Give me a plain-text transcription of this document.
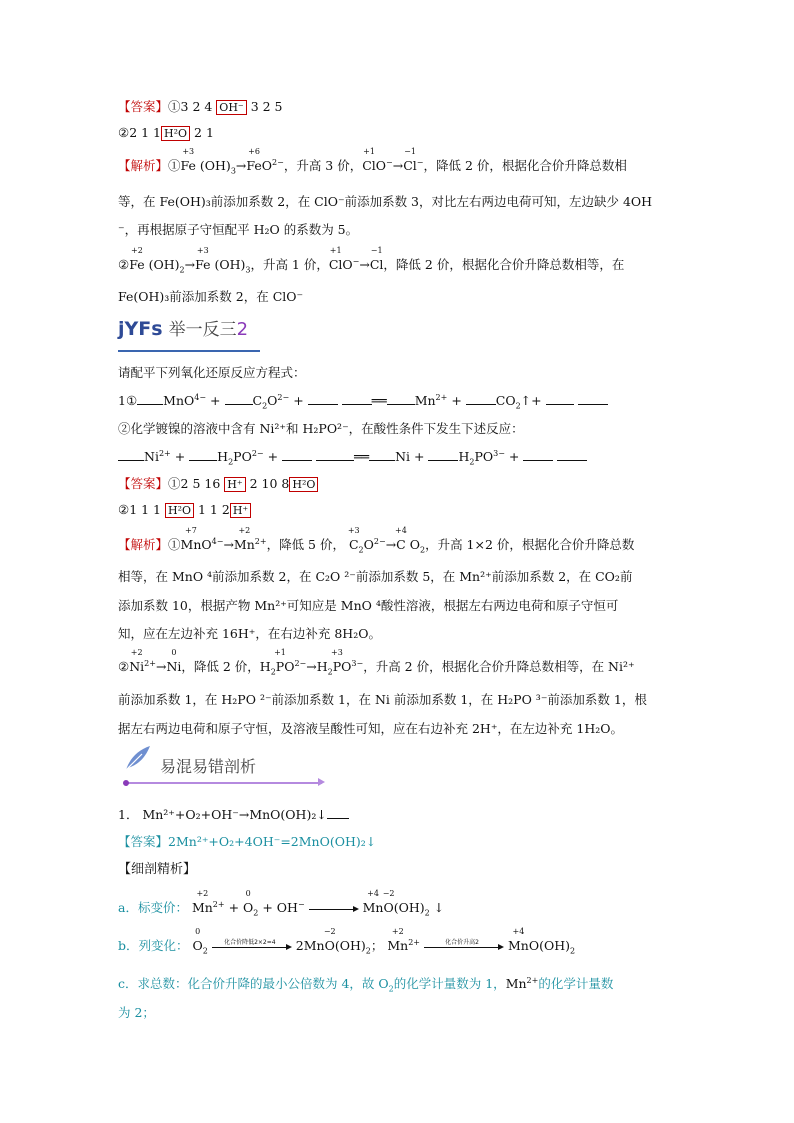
【答案】①3 2 4 OH⁻ 3 2 5
②2 1 1 H²O 2 1
【解析】①Fe
+3
$(OH)_3\to Fe$
+6
$O^{2-}$，升高 3 价，Cl
+1
O−→Cl
−1
−，降低 2 价，根据化合价升降总数相
等，在 Fe(OH)₃前添加系数 2，在 ClO⁻前添加系数 3，对比左右两边电荷可知，左边缺少 4OH
⁻，再根据原子守恒配平 H₂O 的系数为 5。
②Fe
+2
$(OH)_2\to Fe$
+3
$(OH)_3$，升高 1 价，Cl
+1
O−→Cl
−1
，降低 2 价，根据化合价升降总数相等，在
Fe(OH)₃前添加系数 2，在 ClO⁻
jYFs 举一反三2
请配平下列氧化还原反应方程式：
1① $MnO^{4-} + C_2O^{2-}$ +	══ $Mn^{2+}$ + $CO_2↑+$
②化学镀镍的溶液中含有 Ni²⁺和 H₂PO²⁻，在酸性条件下发生下述反应：
$Ni^{2+} + H_2PO^{2-}$ +	══ $Ni + H_2PO^{3-}$ +
【答案】①2 5 16 H⁺ 2 10 8 H²O
②1 1 1 H²O 1 1 2 H⁺
【解析】①Mn
+7
$O^{4-}\to Mn$
+2
$^{2+}$，降低 5 价， C
+3
$_2O^{2-}\to C$
+4
$O_2$，升高 1×2 价，根据化合价升降总数
相等，在 MnO ⁴前添加系数 2，在 C₂O ²⁻前添加系数 5，在 Mn²⁺前添加系数 2，在 CO₂前
添加系数 10，根据产物 Mn²⁺可知应是 MnO ⁴酸性溶液，根据左右两边电荷和原子守恒可
知，应在左边补充 16H⁺，在右边补充 8H₂O。
②Ni
+2
$^{2+}$→Ni
0
，降低 2 价，$H_2P$
+1
$O^{2-}\to H_2P$
+3
$O^{3-}$，升高 2 价，根据化合价升降总数相等，在 Ni²⁺
前添加系数 1，在 H₂PO ²⁻前添加系数 1，在 Ni 前添加系数 1，在 H₂PO ³⁻前添加系数 1，根
据左右两边电荷和原子守恒，及溶液呈酸性可知，应在右边补充 2H⁺，在左边补充 1H₂O。
易混易错剖析
1． Mn²⁺+O₂+OH⁻→MnO(OH)₂↓
【答案】2Mn²⁺+O₂+4OH⁻=2MnO(OH)₂↓
【细剖精析】
a．标变价： Mn
+2
$^{2+}$ + O
0
$_2$ + OH−	Mn
+4
O
−2
$(OH)_2$ ↓
b．列变化： O
0
$_2$
化合价降低2×2=4	2MnO
−2
$(OH)_2$； Mn
+2
$^{2+}$	化合价升高2	Mn
+4
$O(OH)_2$
c．求总数：化合价升降的最小公倍数为 4，故 $O_2$的化学计量数为 1，$Mn^{2+}$的化学计量数
为 2；
